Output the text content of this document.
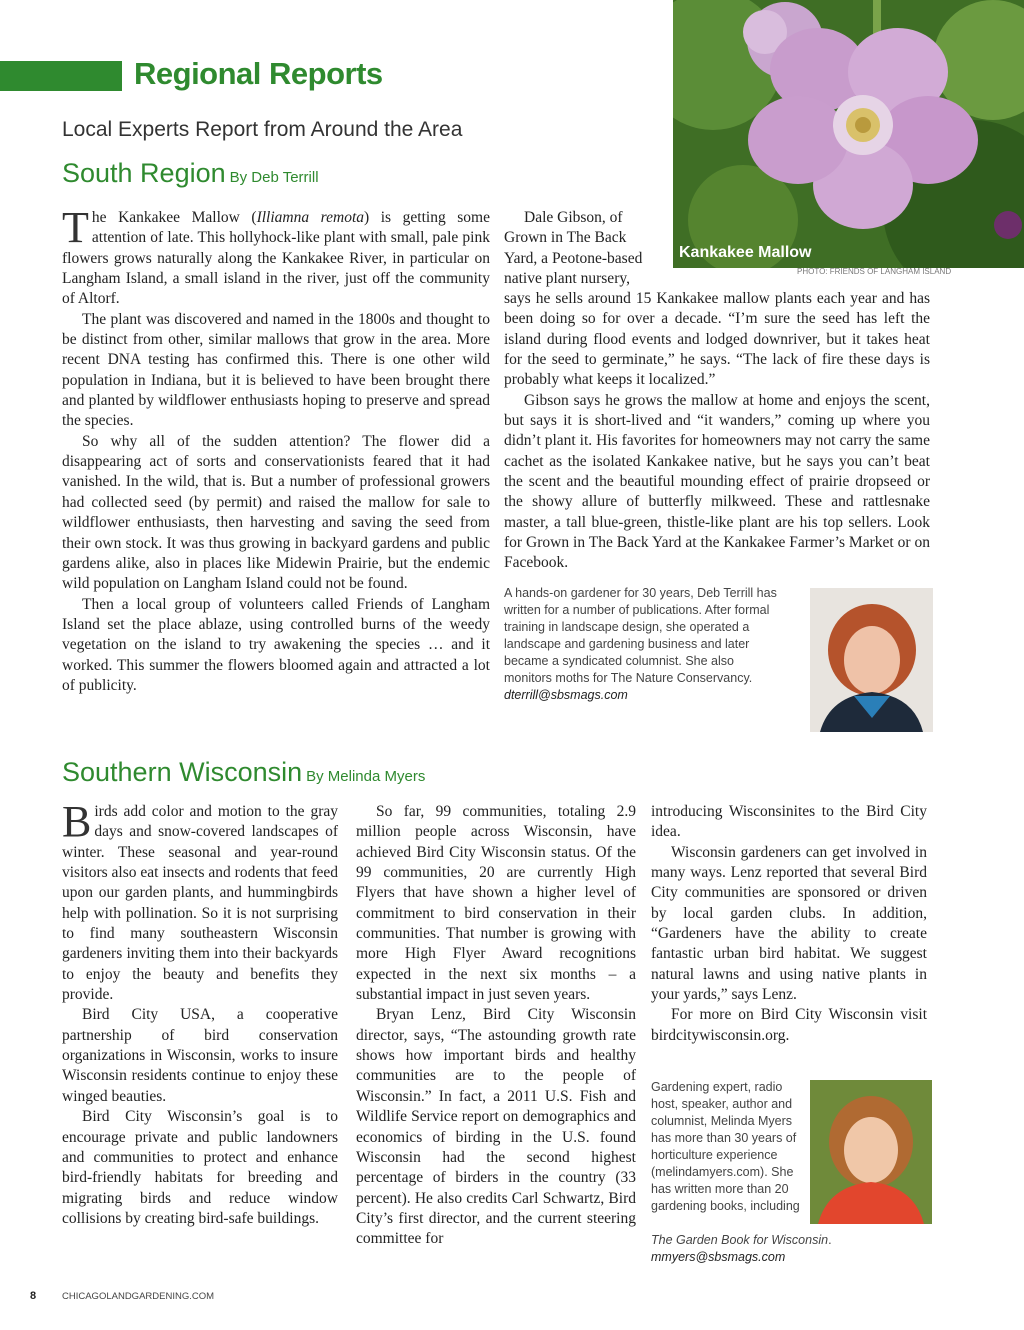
Regional Reports
Local Experts Report from Around the Area
Kankakee Mallow
PHOTO: FRIENDS OF LANGHAM ISLAND
South Region By Deb Terrill

The Kankakee Mallow (Illiamna remota) is getting some attention of late. This hollyhock-like plant with small, pale pink flowers grows naturally along the Kankakee River, in particular on Langham Island, a small island in the river, just off the community of Altorf.

The plant was discovered and named in the 1800s and thought to be distinct from other, similar mallows that grow in the area. More recent DNA testing has confirmed this. There is one other wild population in Indiana, but it is believed to have been brought there and planted by wildflower enthusiasts hoping to preserve and spread the species.

So why all of the sudden attention? The flower did a disappearing act of sorts and conservationists feared that it had vanished. In the wild, that is. But a number of professional growers had collected seed (by permit) and raised the mallow for sale to wildflower enthusiasts, then harvesting and saving the seed from their own stock. It was thus growing in backyard gardens and public gardens alike, also in places like Midewin Prairie, but the endemic wild population on Langham Island could not be found.

Then a local group of volunteers called Friends of Langham Island set the place ablaze, using controlled burns of the weedy vegetation on the island to try awakening the species … and it worked. This summer the flowers bloomed again and attracted a lot of publicity.

Dale Gibson, of

Grown in The Back

Yard, a Peotone-based

native plant nursery,

says he sells around 15 Kankakee mallow plants each year and has been doing so for over a decade. “I’m sure the seed has left the island during flood events and lodged downriver, but it takes heat for the seed to germinate,” he says. “The lack of fire these days is probably what keeps it localized.”

Gibson says he grows the mallow at home and enjoys the scent, but says it is short-lived and “it wanders,” coming up where you didn’t plant it. His favorites for homeowners may not carry the same cachet as the isolated Kankakee native, but he says you can’t beat the scent and the beautiful mounding effect of prairie dropseed or the showy allure of butterfly milkweed. These and rattlesnake master, a tall blue-green, thistle-like plant are his top sellers. Look for Grown in The Back Yard at the Kankakee Farmer’s Market or on Facebook.

A hands-on gardener for 30 years, Deb Terrill has written for a number of publications. After formal training in landscape design, she operated a landscape and gardening business and later became a syndicated columnist. She also monitors moths for The Nature Conservancy.
dterrill@sbsmags.com
Southern Wisconsin By Melinda Myers

Birds add color and motion to the gray days and snow-covered landscapes of winter. These seasonal and year-round visitors also eat insects and rodents that feed upon our garden plants, and hummingbirds help with pollination. So it is not surprising to find many southeastern Wisconsin gardeners inviting them into their backyards to enjoy the beauty and benefits they provide.

Bird City USA, a cooperative partnership of bird conservation organizations in Wisconsin, works to insure Wisconsin residents continue to enjoy these winged beauties.

Bird City Wisconsin’s goal is to encourage private and public landowners and communities to protect and enhance bird-friendly habitats for breeding and migrating birds and reduce window collisions by creating bird-safe buildings.

So far, 99 communities, totaling 2.9 million people across Wisconsin, have achieved Bird City Wisconsin status. Of the 99 communities, 20 are currently High Flyers that have shown a higher level of commitment to bird conservation in their communities. That number is growing with more High Flyer Award recognitions expected in the next six months – a substantial impact in just seven years.

Bryan Lenz, Bird City Wisconsin director, says, “The astounding growth rate shows how important birds and healthy communities are to the people of Wisconsin.” In fact, a 2011 U.S. Fish and Wildlife Service report on demographics and economics of birding in the U.S. found Wisconsin had the second highest percentage of birders in the country (33 percent). He also credits Carl Schwartz, Bird City’s first director, and the current steering committee for

introducing Wisconsinites to the Bird City idea.

Wisconsin gardeners can get involved in many ways. Lenz reported that several Bird City communities are sponsored or driven by local garden clubs. In addition, “Gardeners have the ability to create fantastic urban bird habitat. We suggest natural lawns and using native plants in your yards,” says Lenz.

For more on Bird City Wisconsin visit birdcitywisconsin.org.

Gardening expert, radio host, speaker, author and columnist, Melinda Myers has more than 30 years of horticulture experience (melindamyers.com). She has written more than 20 gardening books, including
The Garden Book for Wisconsin. mmyers@sbsmags.com
8	CHICAGOLANDGARDENING.COM
